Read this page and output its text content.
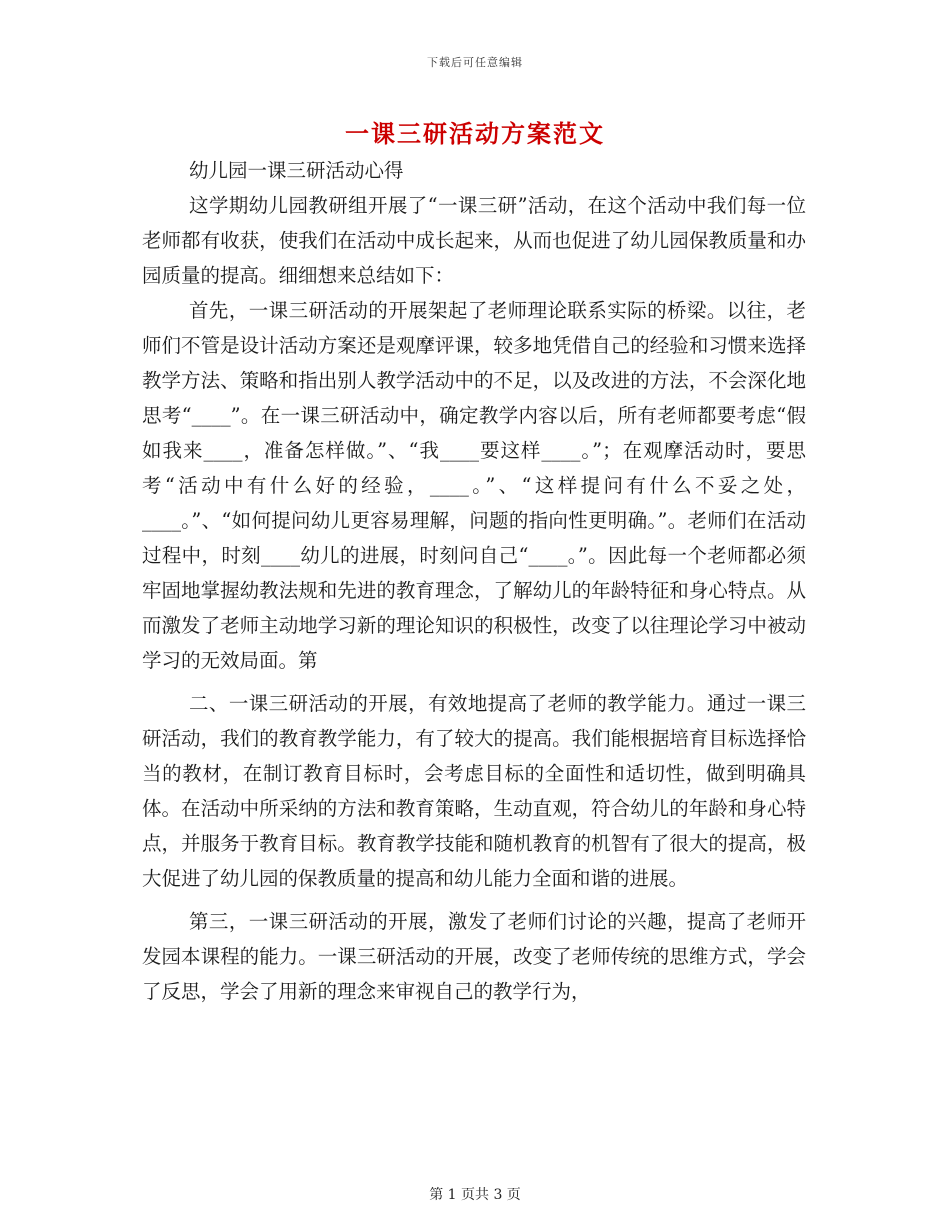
下载后可任意编辑
一课三研活动方案范文

幼儿园一课三研活动心得

这学期幼儿园教研组开展了“一课三研”活动，在这个活动中我们每一位老师都有收获，使我们在活动中成长起来，从而也促进了幼儿园保教质量和办园质量的提高。细细想来总结如下：

首先，一课三研活动的开展架起了老师理论联系实际的桥梁。以往，老师们不管是设计活动方案还是观摩评课，较多地凭借自己的经验和习惯来选择教学方法、策略和指出别人教学活动中的不足，以及改进的方法，不会深化地思考“____”。在一课三研活动中，确定教学内容以后，所有老师都要考虑“假如我来____，准备怎样做。”、“我____要这样____。”；在观摩活动时，要思考“活动中有什么好的经验，____。”、“这样提问有什么不妥之处，____。”、“如何提问幼儿更容易理解，问题的指向性更明确。”。老师们在活动过程中，时刻____幼儿的进展，时刻问自己“____。”。因此每一个老师都必须牢固地掌握幼教法规和先进的教育理念，了解幼儿的年龄特征和身心特点。从而激发了老师主动地学习新的理论知识的积极性，改变了以往理论学习中被动学习的无效局面。第

二、一课三研活动的开展，有效地提高了老师的教学能力。通过一课三研活动，我们的教育教学能力，有了较大的提高。我们能根据培育目标选择恰当的教材，在制订教育目标时，会考虑目标的全面性和适切性，做到明确具体。在活动中所采纳的方法和教育策略，生动直观，符合幼儿的年龄和身心特点，并服务于教育目标。教育教学技能和随机教育的机智有了很大的提高，极大促进了幼儿园的保教质量的提高和幼儿能力全面和谐的进展。

第三，一课三研活动的开展，激发了老师们讨论的兴趣，提高了老师开发园本课程的能力。一课三研活动的开展，改变了老师传统的思维方式，学会了反思，学会了用新的理念来审视自己的教学行为，

第 1 页共 3 页
